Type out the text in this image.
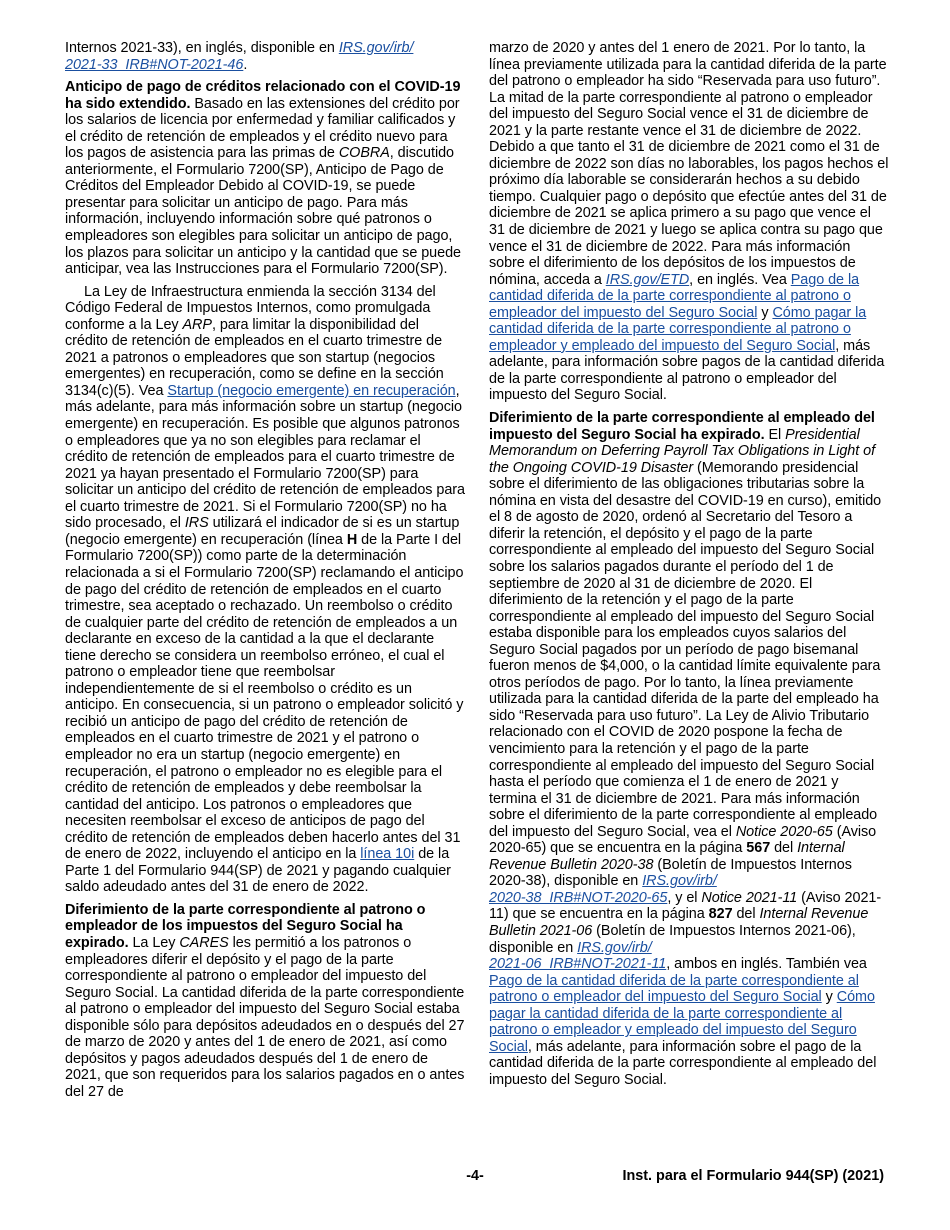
Internos 2021-33), en inglés, disponible en IRS.gov/irb/
2021-33_IRB#NOT-2021-46.

Anticipo de pago de créditos relacionado con el COVID-19 ha sido extendido. Basado en las extensiones del crédito por los salarios de licencia por enfermedad y familiar calificados y el crédito de retención de empleados y el crédito nuevo para los pagos de asistencia para las primas de COBRA, discutido anteriormente, el Formulario 7200(SP), Anticipo de Pago de Créditos del Empleador Debido al COVID-19, se puede presentar para solicitar un anticipo de pago. Para más información, incluyendo información sobre qué patronos o empleadores son elegibles para solicitar un anticipo de pago, los plazos para solicitar un anticipo y la cantidad que se puede anticipar, vea las Instrucciones para el Formulario 7200(SP).

La Ley de Infraestructura enmienda la sección 3134 del Código Federal de Impuestos Internos, como promulgada conforme a la Ley ARP, para limitar la disponibilidad del crédito de retención de empleados en el cuarto trimestre de 2021 a patronos o empleadores que son startup (negocios emergentes) en recuperación, como se define en la sección 3134(c)(5). Vea Startup (negocio emergente) en recuperación, más adelante, para más información sobre un startup (negocio emergente) en recuperación. Es posible que algunos patronos o empleadores que ya no son elegibles para reclamar el crédito de retención de empleados para el cuarto trimestre de 2021 ya hayan presentado el Formulario 7200(SP) para solicitar un anticipo del crédito de retención de empleados para el cuarto trimestre de 2021. Si el Formulario 7200(SP) no ha sido procesado, el IRS utilizará el indicador de si es un startup (negocio emergente) en recuperación (línea H de la Parte I del Formulario 7200(SP)) como parte de la determinación relacionada a si el Formulario 7200(SP) reclamando el anticipo de pago del crédito de retención de empleados en el cuarto trimestre, sea aceptado o rechazado. Un reembolso o crédito de cualquier parte del crédito de retención de empleados a un declarante en exceso de la cantidad a la que el declarante tiene derecho se considera un reembolso erróneo, el cual el patrono o empleador tiene que reembolsar independientemente de si el reembolso o crédito es un anticipo. En consecuencia, si un patrono o empleador solicitó y recibió un anticipo de pago del crédito de retención de empleados en el cuarto trimestre de 2021 y el patrono o empleador no era un startup (negocio emergente) en recuperación, el patrono o empleador no es elegible para el crédito de retención de empleados y debe reembolsar la cantidad del anticipo. Los patronos o empleadores que necesiten reembolsar el exceso de anticipos de pago del crédito de retención de empleados deben hacerlo antes del 31 de enero de 2022, incluyendo el anticipo en la línea 10i de la Parte 1 del Formulario 944(SP) de 2021 y pagando cualquier saldo adeudado antes del 31 de enero de 2022.

Diferimiento de la parte correspondiente al patrono o empleador de los impuestos del Seguro Social ha expirado. La Ley CARES les permitió a los patronos o empleadores diferir el depósito y el pago de la parte correspondiente al patrono o empleador del impuesto del Seguro Social. La cantidad diferida de la parte correspondiente al patrono o empleador del impuesto del Seguro Social estaba disponible sólo para depósitos adeudados en o después del 27 de marzo de 2020 y antes del 1 de enero de 2021, así como depósitos y pagos adeudados después del 1 de enero de 2021, que son requeridos para los salarios pagados en o antes del 27 de

marzo de 2020 y antes del 1 enero de 2021. Por lo tanto, la línea previamente utilizada para la cantidad diferida de la parte del patrono o empleador ha sido “Reservada para uso futuro”. La mitad de la parte correspondiente al patrono o empleador del impuesto del Seguro Social vence el 31 de diciembre de 2021 y la parte restante vence el 31 de diciembre de 2022. Debido a que tanto el 31 de diciembre de 2021 como el 31 de diciembre de 2022 son días no laborables, los pagos hechos el próximo día laborable se considerarán hechos a su debido tiempo. Cualquier pago o depósito que efectúe antes del 31 de diciembre de 2021 se aplica primero a su pago que vence el 31 de diciembre de 2021 y luego se aplica contra su pago que vence el 31 de diciembre de 2022. Para más información sobre el diferimiento de los depósitos de los impuestos de nómina, acceda a IRS.gov/ETD, en inglés. Vea Pago de la cantidad diferida de la parte correspondiente al patrono o empleador del impuesto del Seguro Social y Cómo pagar la cantidad diferida de la parte correspondiente al patrono o empleador y empleado del impuesto del Seguro Social, más adelante, para información sobre pagos de la cantidad diferida de la parte correspondiente al patrono o empleador del impuesto del Seguro Social.

Diferimiento de la parte correspondiente al empleado del impuesto del Seguro Social ha expirado. El Presidential Memorandum on Deferring Payroll Tax Obligations in Light of the Ongoing COVID-19 Disaster (Memorando presidencial sobre el diferimiento de las obligaciones tributarias sobre la nómina en vista del desastre del COVID-19 en curso), emitido el 8 de agosto de 2020, ordenó al Secretario del Tesoro a diferir la retención, el depósito y el pago de la parte correspondiente al empleado del impuesto del Seguro Social sobre los salarios pagados durante el período del 1 de septiembre de 2020 al 31 de diciembre de 2020. El diferimiento de la retención y el pago de la parte correspondiente al empleado del impuesto del Seguro Social estaba disponible para los empleados cuyos salarios del Seguro Social pagados por un período de pago bisemanal fueron menos de $4,000, o la cantidad límite equivalente para otros períodos de pago. Por lo tanto, la línea previamente utilizada para la cantidad diferida de la parte del empleado ha sido “Reservada para uso futuro”. La Ley de Alivio Tributario relacionado con el COVID de 2020 pospone la fecha de vencimiento para la retención y el pago de la parte correspondiente al empleado del impuesto del Seguro Social hasta el período que comienza el 1 de enero de 2021 y termina el 31 de diciembre de 2021. Para más información sobre el diferimiento de la parte correspondiente al empleado del impuesto del Seguro Social, vea el Notice 2020-65 (Aviso 2020-65) que se encuentra en la página 567 del Internal Revenue Bulletin 2020-38 (Boletín de Impuestos Internos 2020-38), disponible en IRS.gov/irb/
2020-38_IRB#NOT-2020-65, y el Notice 2021-11 (Aviso 2021-11) que se encuentra en la página 827 del Internal Revenue Bulletin 2021-06 (Boletín de Impuestos Internos 2021-06), disponible en IRS.gov/irb/
2021-06_IRB#NOT-2021-11, ambos en inglés. También vea Pago de la cantidad diferida de la parte correspondiente al patrono o empleador del impuesto del Seguro Social y Cómo pagar la cantidad diferida de la parte correspondiente al patrono o empleador y empleado del impuesto del Seguro Social, más adelante, para información sobre el pago de la cantidad diferida de la parte correspondiente al empleado del impuesto del Seguro Social.

-4-	Inst. para el Formulario 944(SP) (2021)
